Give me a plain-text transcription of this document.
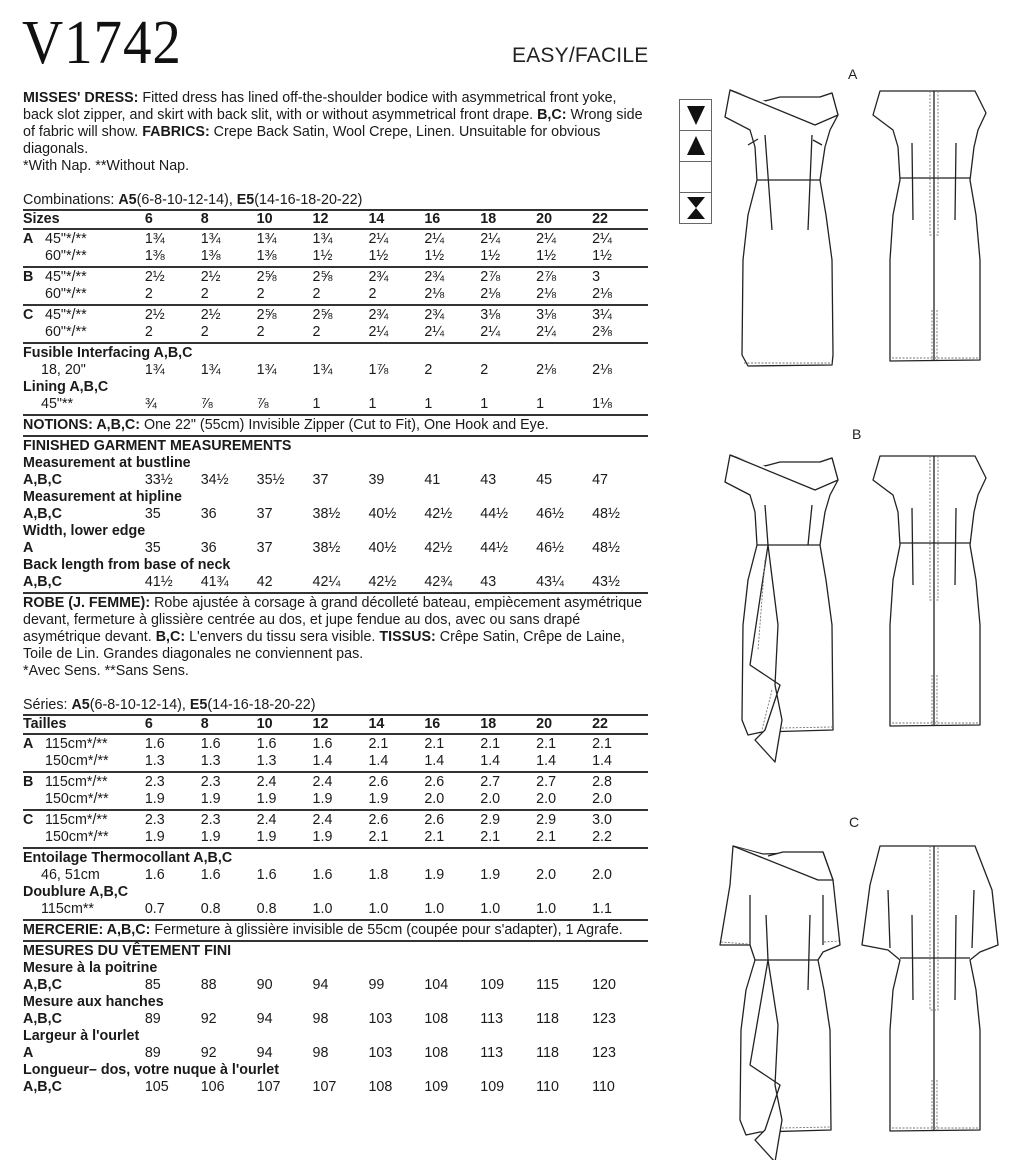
V1742	EASY/FACILE

MISSES' DRESS: Fitted dress has lined off-the-shoulder bodice with asymmetrical front yoke, back slot zipper, and skirt with back slit, with or without asymmetrical front drape. B,C: Wrong side of fabric will show. FABRICS: Crepe Back Satin, Wool Crepe, Linen. Unsuitable for obvious diagonals.

*With Nap. **Without Nap.

Combinations: A5(6-8-10-12-14), E5(14-16-18-20-22)
Sizes	6	8	10	12	14	16	18	20	22
A 45"*/**	1¾	1¾	1¾	1¾	2¼	2¼	2¼	2¼	2¼
60"*/**	1⅜	1⅜	1⅜	1½	1½	1½	1½	1½	1½
B 45"*/**	2½	2½	2⅝	2⅝	2¾	2¾	2⅞	2⅞	3
60"*/**	2	2	2	2	2	2⅛	2⅛	2⅛	2⅛
C 45"*/**	2½	2½	2⅝	2⅝	2¾	2¾	3⅛	3⅛	3¼
60"*/**	2	2	2	2	2¼	2¼	2¼	2¼	2⅜
Fusible Interfacing A,B,C
18, 20"	1¾	1¾	1¾	1¾	1⅞	2	2	2⅛	2⅛
Lining A,B,C
45"**	¾	⅞	⅞	1	1	1	1	1	1⅛

NOTIONS: A,B,C: One 22" (55cm) Invisible Zipper (Cut to Fit), One Hook and Eye.

FINISHED GARMENT MEASUREMENTS
Measurement at bustline
A,B,C	33½	34½	35½	37	39	41	43	45	47
Measurement at hipline
A,B,C	35	36	37	38½	40½	42½	44½	46½	48½
Width, lower edge
A	35	36	37	38½	40½	42½	44½	46½	48½
Back length from base of neck
A,B,C	41½	41¾	42	42¼	42½	42¾	43	43¼	43½

ROBE (J. FEMME): Robe ajustée à corsage à grand décolleté bateau, empiècement asymétrique devant, fermeture à glissière centrée au dos, et jupe fendue au dos, avec ou sans drapé asymétrique devant. B,C: L'envers du tissu sera visible. TISSUS: Crêpe Satin, Crêpe de Laine, Toile de Lin. Grandes diagonales ne conviennent pas.

*Avec Sens. **Sans Sens.

Séries: A5(6-8-10-12-14), E5(14-16-18-20-22)
Tailles	6	8	10	12	14	16	18	20	22
A 115cm*/**	1.6	1.6	1.6	1.6	2.1	2.1	2.1	2.1	2.1
150cm*/**	1.3	1.3	1.3	1.4	1.4	1.4	1.4	1.4	1.4
B 115cm*/**	2.3	2.3	2.4	2.4	2.6	2.6	2.7	2.7	2.8
150cm*/**	1.9	1.9	1.9	1.9	1.9	2.0	2.0	2.0	2.0
C 115cm*/**	2.3	2.3	2.4	2.4	2.6	2.6	2.9	2.9	3.0
150cm*/**	1.9	1.9	1.9	1.9	2.1	2.1	2.1	2.1	2.2
Entoilage Thermocollant A,B,C
46, 51cm	1.6	1.6	1.6	1.6	1.8	1.9	1.9	2.0	2.0
Doublure A,B,C
115cm**	0.7	0.8	0.8	1.0	1.0	1.0	1.0	1.0	1.1

MERCERIE: A,B,C: Fermeture à glissière invisible de 55cm (coupée pour s'adapter), 1 Agrafe.

MESURES DU VÊTEMENT FINI
Mesure à la poitrine
A,B,C	85	88	90	94	99	104	109	115	120
Mesure aux hanches
A,B,C	89	92	94	98	103	108	113	118	123
Largeur à l'ourlet
A	89	92	94	98	103	108	113	118	123
Longueur– dos, votre nuque à l'ourlet
A,B,C	105	106	107	107	108	109	109	110	110
A
B
C
